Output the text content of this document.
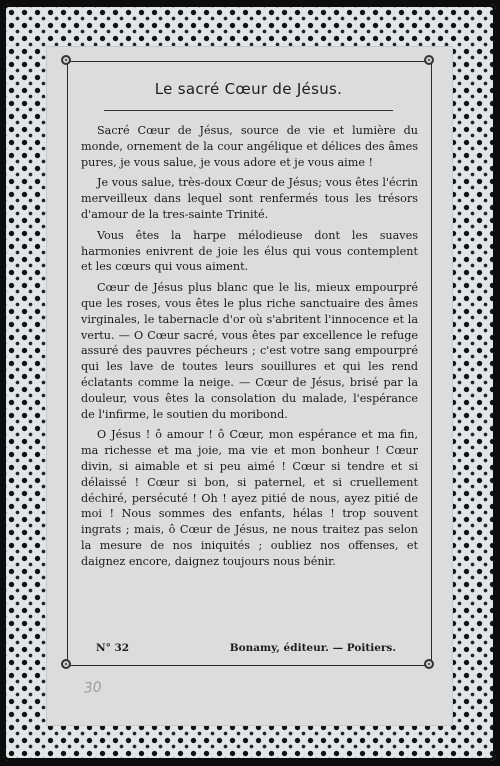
Le sacré Cœur de Jésus.

Sacré Cœur de Jésus, source de vie et lumière du monde, ornement de la cour angélique et délices des âmes pures, je vous salue, je vous adore et je vous aime !

Je vous salue, très-doux Cœur de Jésus; vous êtes l'écrin merveilleux dans lequel sont renfermés tous les trésors d'amour de la tres-sainte Trinité.

Vous êtes la harpe mélodieuse dont les suaves harmonies enivrent de joie les élus qui vous contemplent et les cœurs qui vous aiment.

Cœur de Jésus plus blanc que le lis, mieux empourpré que les roses, vous êtes le plus riche sanctuaire des âmes virginales, le tabernacle d'or où s'abritent l'innocence et la vertu. — O Cœur sacré, vous êtes par excellence le refuge assuré des pauvres pécheurs ; c'est votre sang empourpré qui les lave de toutes leurs souillures et qui les rend éclatants comme la neige. — Cœur de Jésus, brisé par la douleur, vous êtes la consolation du malade, l'espérance de l'infirme, le soutien du moribond.

O Jésus ! ô amour ! ô Cœur, mon espérance et ma fin, ma richesse et ma joie, ma vie et mon bonheur ! Cœur divin, si aimable et si peu aimé ! Cœur si tendre et si délaissé ! Cœur si bon, si paternel, et si cruellement déchiré, persécuté ! Oh ! ayez pitié de nous, ayez pitié de moi ! Nous sommes des enfants, hélas ! trop souvent ingrats ; mais, ô Cœur de Jésus, ne nous traitez pas selon la mesure de nos iniquités ; oubliez nos offenses, et daignez encore, daignez toujours nous bénir.

N° 32	Bonamy, éditeur. — Poitiers.
30
